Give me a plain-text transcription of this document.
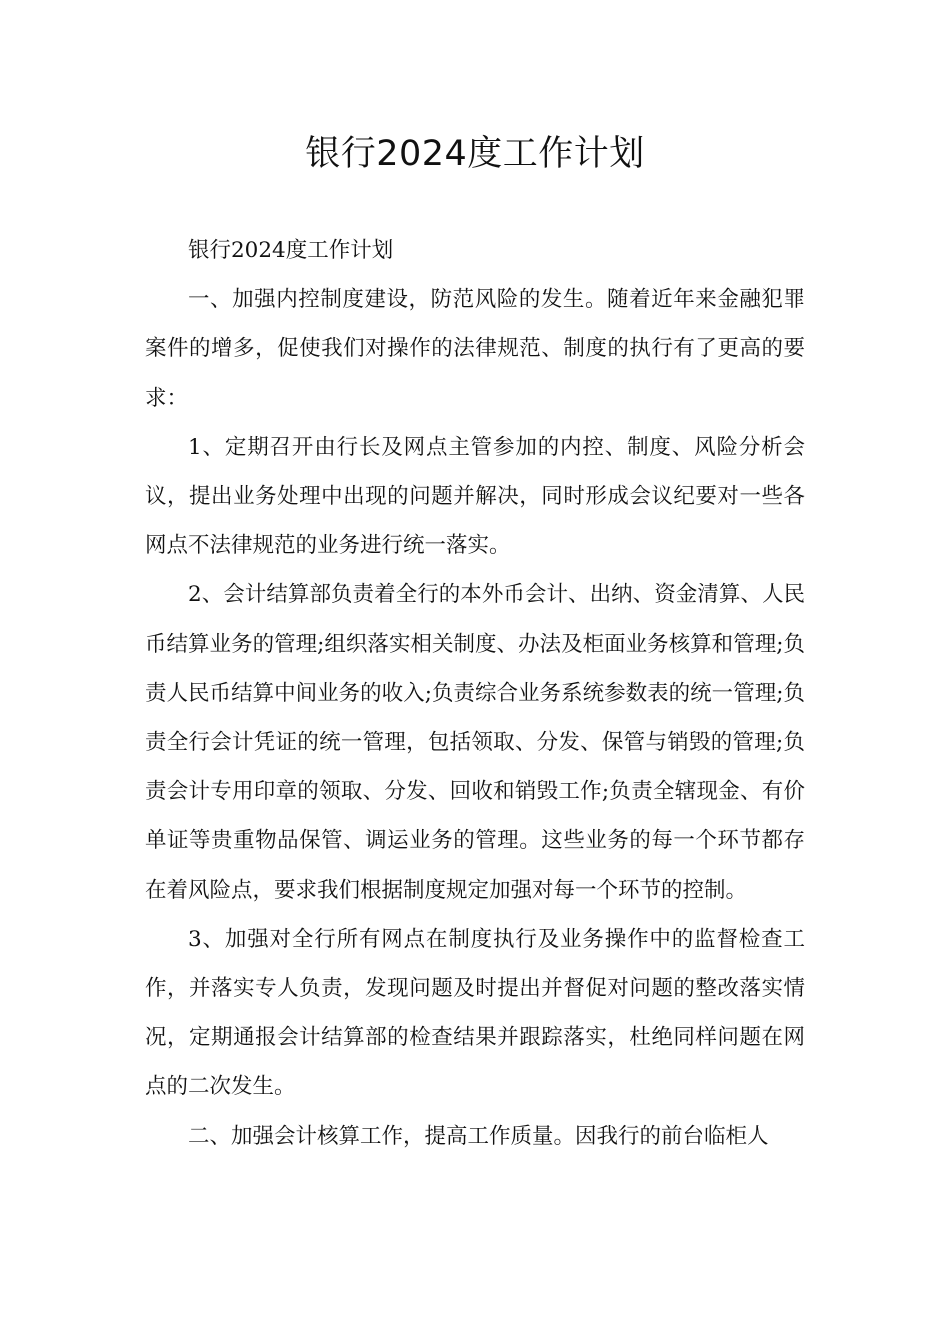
银行2024度工作计划

银行2024度工作计划

一、加强内控制度建设，防范风险的发生。随着近年来金融犯罪案件的增多，促使我们对操作的法律规范、制度的执行有了更高的要求：

1、定期召开由行长及网点主管参加的内控、制度、风险分析会议，提出业务处理中出现的问题并解决，同时形成会议纪要对一些各网点不法律规范的业务进行统一落实。

2、会计结算部负责着全行的本外币会计、出纳、资金清算、人民币结算业务的管理;组织落实相关制度、办法及柜面业务核算和管理;负责人民币结算中间业务的收入;负责综合业务系统参数表的统一管理;负责全行会计凭证的统一管理，包括领取、分发、保管与销毁的管理;负责会计专用印章的领取、分发、回收和销毁工作;负责全辖现金、有价单证等贵重物品保管、调运业务的管理。这些业务的每一个环节都存在着风险点，要求我们根据制度规定加强对每一个环节的控制。

3、加强对全行所有网点在制度执行及业务操作中的监督检查工作，并落实专人负责，发现问题及时提出并督促对问题的整改落实情况，定期通报会计结算部的检查结果并跟踪落实，杜绝同样问题在网点的二次发生。

二、加强会计核算工作，提高工作质量。因我行的前台临柜人
